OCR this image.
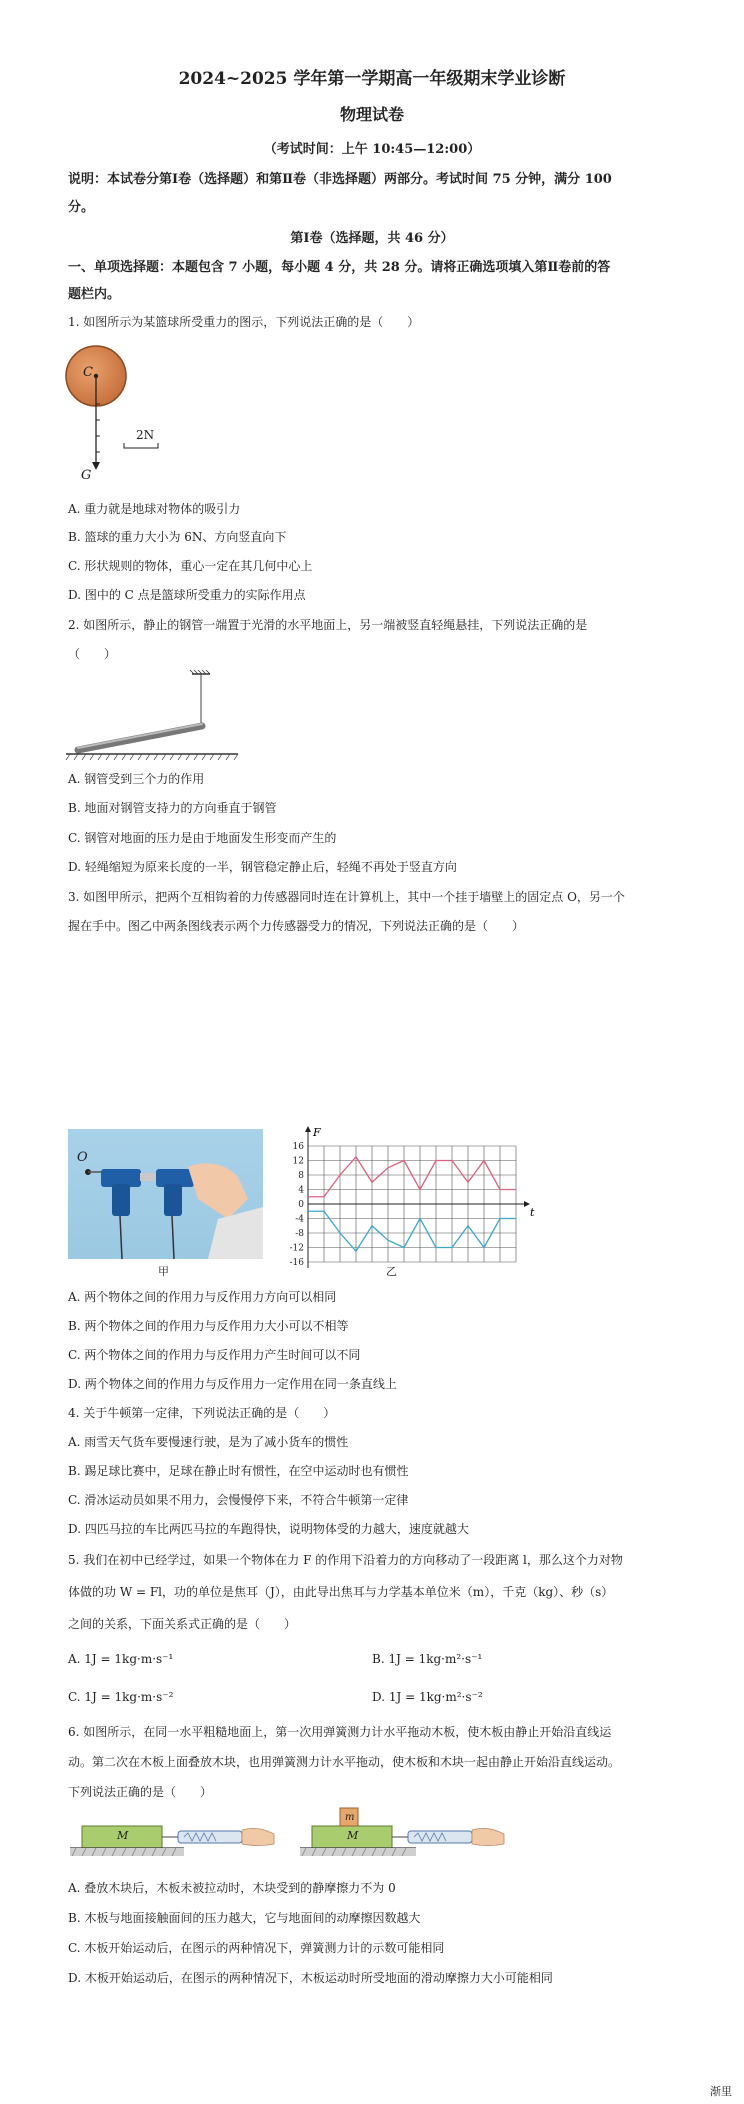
2024~2025 学年第一学期高一年级期末学业诊断
物理试卷
（考试时间：上午 10:45—12:00）
说明：本试卷分第Ⅰ卷（选择题）和第Ⅱ卷（非选择题）两部分。考试时间 75 分钟，满分 100
分。
第Ⅰ卷（选择题，共 46 分）
一、单项选择题：本题包含 7 小题，每小题 4 分，共 28 分。请将正确选项填入第Ⅱ卷前的答
题栏内。
1. 如图所示为某篮球所受重力的图示，下列说法正确的是（　　）
C
G
2N
A. 重力就是地球对物体的吸引力
B. 篮球的重力大小为 6N、方向竖直向下
C. 形状规则的物体，重心一定在其几何中心上
D. 图中的 C 点是篮球所受重力的实际作用点
2. 如图所示，静止的钢管一端置于光滑的水平地面上，另一端被竖直轻绳悬挂，下列说法正确的是
（　　）
A. 钢管受到三个力的作用
B. 地面对钢管支持力的方向垂直于钢管
C. 钢管对地面的压力是由于地面发生形变而产生的
D. 轻绳缩短为原来长度的一半，钢管稳定静止后，轻绳不再处于竖直方向
3. 如图甲所示，把两个互相钩着的力传感器同时连在计算机上，其中一个挂于墙壁上的固定点 O，另一个
握在手中。图乙中两条图线表示两个力传感器受力的情况，下列说法正确的是（　　）
O
甲
16
12
8
4
0
-4
-8
-12
-16
F
t
乙
A. 两个物体之间的作用力与反作用力方向可以相同
B. 两个物体之间的作用力与反作用力大小可以不相等
C. 两个物体之间的作用力与反作用力产生时间可以不同
D. 两个物体之间的作用力与反作用力一定作用在同一条直线上
4. 关于牛顿第一定律，下列说法正确的是（　　）
A. 雨雪天气货车要慢速行驶，是为了减小货车的惯性
B. 踢足球比赛中，足球在静止时有惯性，在空中运动时也有惯性
C. 滑冰运动员如果不用力，会慢慢停下来，不符合牛顿第一定律
D. 四匹马拉的车比两匹马拉的车跑得快，说明物体受的力越大，速度就越大
5. 我们在初中已经学过，如果一个物体在力 F 的作用下沿着力的方向移动了一段距离 l，那么这个力对物
体做的功 W = Fl，功的单位是焦耳（J），由此导出焦耳与力学基本单位米（m），千克（kg）、秒（s）
之间的关系，下面关系式正确的是（　　）
A. 1J = 1kg·m·s⁻¹	B. 1J = 1kg·m²·s⁻¹
C. 1J = 1kg·m·s⁻²	D. 1J = 1kg·m²·s⁻²
6. 如图所示，在同一水平粗糙地面上，第一次用弹簧测力计水平拖动木板，使木板由静止开始沿直线运
动。第二次在木板上面叠放木块，也用弹簧测力计水平拖动，使木板和木块一起由静止开始沿直线运动。
下列说法正确的是（　　）
M	M
m
A. 叠放木块后，木板未被拉动时，木块受到的静摩擦力不为 0
B. 木板与地面接触面间的压力越大，它与地面间的动摩擦因数越大
C. 木板开始运动后，在图示的两种情况下，弹簧测力计的示数可能相同
D. 木板开始运动后，在图示的两种情况下，木板运动时所受地面的滑动摩擦力大小可能相同
渐里
